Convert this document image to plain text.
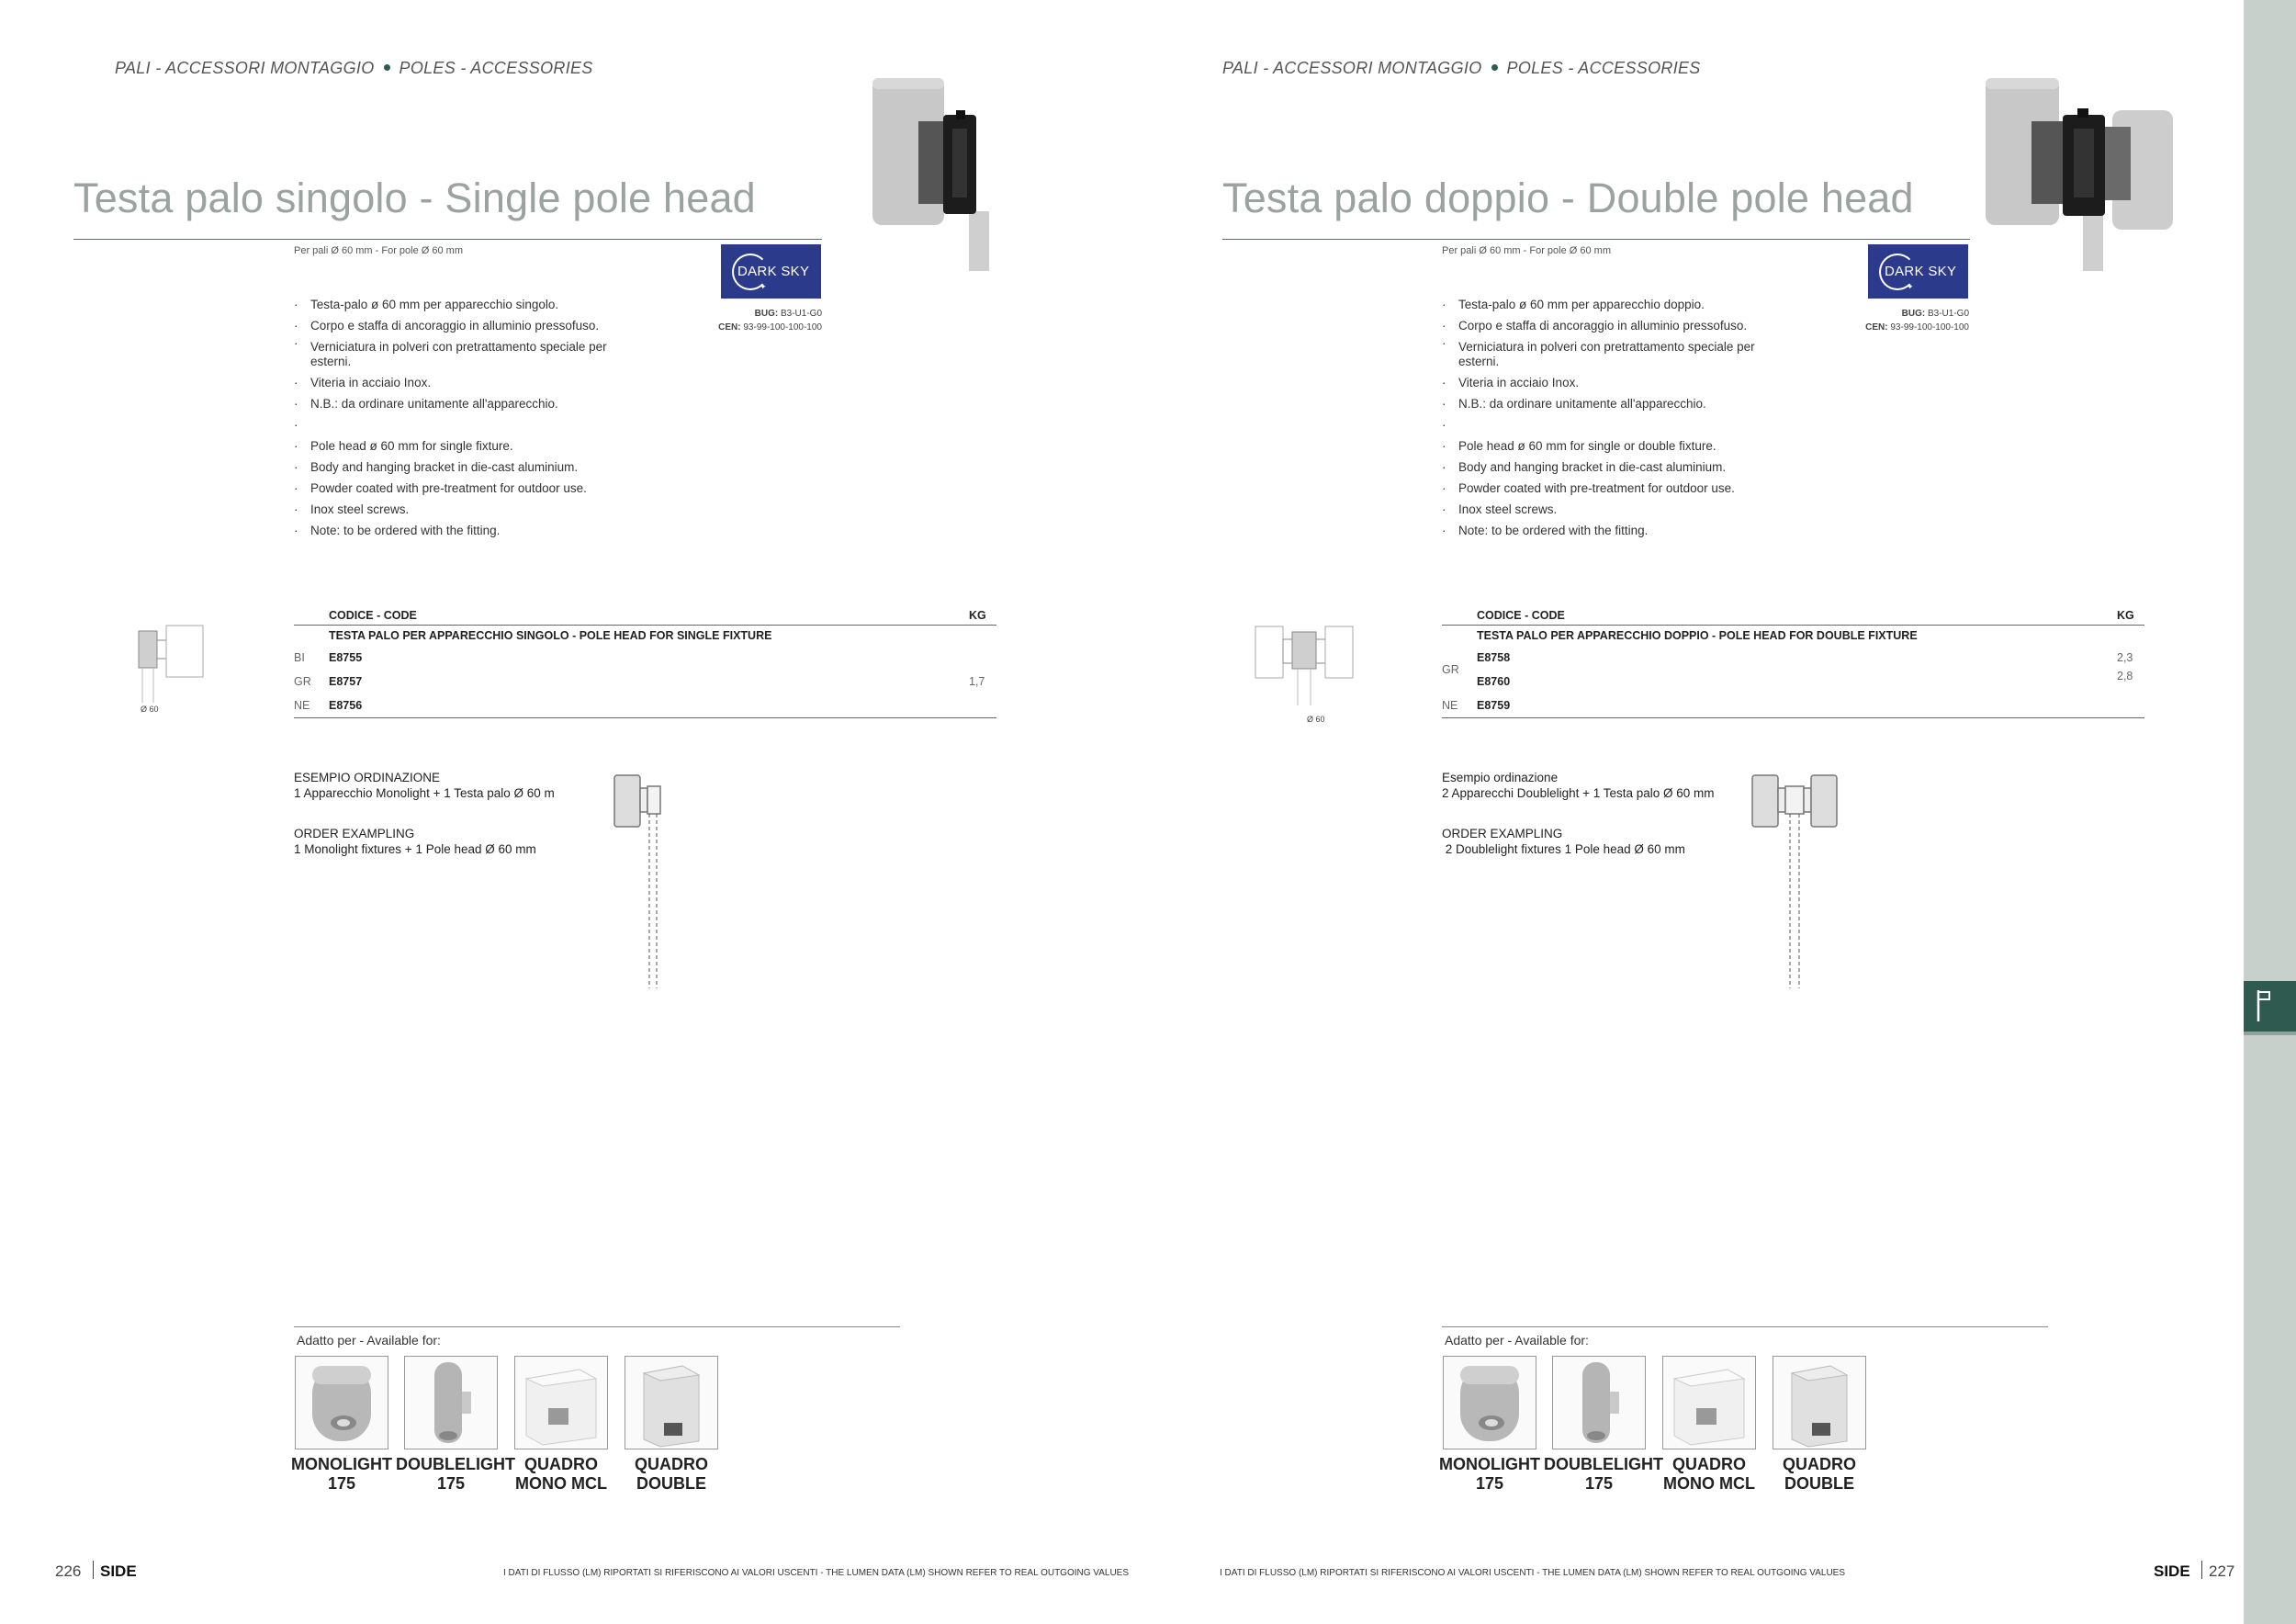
PALI - ACCESSORI MONTAGGIO POLES - ACCESSORIES
Testa palo singolo - Single pole head
Per pali Ø 60 mm - For pole Ø 60 mm
DARK SKY
✦
BUG: B3-U1-G0
CEN: 93-99-100-100-100
· Testa-palo ø 60 mm per apparecchio singolo.
· Corpo e staffa di ancoraggio in alluminio pressofuso.
· Verniciatura in polveri con pretrattamento speciale per esterni.
· Viteria in acciaio Inox.
· N.B.: da ordinare unitamente all'apparecchio.
·
· Pole head ø 60 mm for single fixture.
· Body and hanging bracket in die-cast aluminium.
· Powder coated with pre-treatment for outdoor use.
· Inox steel screws.
· Note: to be ordered with the fitting.
Ø 60
	CODICE - CODE	KG
	TESTA PALO PER APPARECCHIO SINGOLO - POLE HEAD FOR SINGLE FIXTURE	
BI	E8755	
GR	E8757	1,7
NE	E8756	
ESEMPIO ORDINAZIONE
1 Apparecchio Monolight + 1 Testa palo Ø 60 m
ORDER EXAMPLING
1 Monolight fixtures + 1 Pole head Ø 60 mm
Adatto per - Available for:
MONOLIGHT
175
DOUBLELIGHT
175
QUADRO
MONO MCL
QUADRO
DOUBLE
226 SIDE	I DATI DI FLUSSO (LM) RIPORTATI SI RIFERISCONO AI VALORI USCENTI - THE LUMEN DATA (LM) SHOWN REFER TO REAL OUTGOING VALUES
PALI - ACCESSORI MONTAGGIO POLES - ACCESSORIES
Testa palo doppio - Double pole head
Per pali Ø 60 mm - For pole Ø 60 mm
DARK SKY
✦
BUG: B3-U1-G0
CEN: 93-99-100-100-100
· Testa-palo ø 60 mm per apparecchio doppio.
· Corpo e staffa di ancoraggio in alluminio pressofuso.
· Verniciatura in polveri con pretrattamento speciale per esterni.
· Viteria in acciaio Inox.
· N.B.: da ordinare unitamente all'apparecchio.
·
· Pole head ø 60 mm for single or double fixture.
· Body and hanging bracket in die-cast aluminium.
· Powder coated with pre-treatment for outdoor use.
· Inox steel screws.
· Note: to be ordered with the fitting.
Ø 60
	CODICE - CODE	KG
	TESTA PALO PER APPARECCHIO DOPPIO - POLE HEAD FOR DOUBLE FIXTURE	
GR	E8758	2,3
	E8760	2,8
NE	E8759	
Esempio ordinazione
2 Apparecchi Doublelight + 1 Testa palo Ø 60 mm
ORDER EXAMPLING
2 Doublelight fixtures 1 Pole head Ø 60 mm
Adatto per - Available for:
MONOLIGHT
175
DOUBLELIGHT
175
QUADRO
MONO MCL
QUADRO
DOUBLE
I DATI DI FLUSSO (LM) RIPORTATI SI RIFERISCONO AI VALORI USCENTI - THE LUMEN DATA (LM) SHOWN REFER TO REAL OUTGOING VALUES	SIDE 227
